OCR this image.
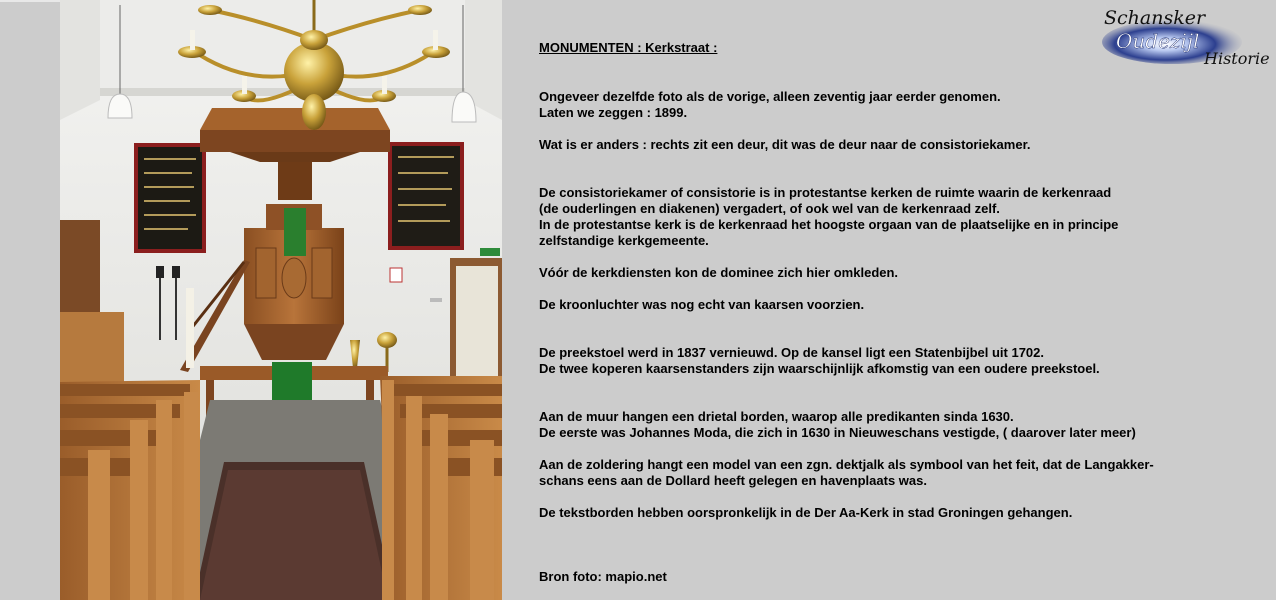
Schansker
Oudezijl
Historie
MONUMENTEN : Kerkstraat :

Ongeveer dezelfde foto als de vorige, alleen zeventig jaar eerder genomen.

Laten we zeggen : 1899.

Wat is er anders : rechts zit een deur, dit was de deur naar de consistoriekamer.

De consistoriekamer of consistorie is in protestantse kerken de ruimte waarin de kerkenraad

(de ouderlingen en diakenen) vergadert, of ook wel van de kerkenraad zelf.

In de protestantse kerk is de kerkenraad het hoogste orgaan van de plaatselijke en in principe

zelfstandige kerkgemeente.

Vóór de kerkdiensten kon de dominee zich hier omkleden.

De kroonluchter was nog echt van kaarsen voorzien.

De preekstoel werd in 1837 vernieuwd. Op de kansel ligt een Statenbijbel uit 1702.

De twee koperen kaarsenstanders zijn waarschijnlijk afkomstig van een oudere preekstoel.

Aan de muur hangen een drietal borden, waarop alle predikanten sinda 1630.

De eerste was Johannes Moda, die zich in 1630 in Nieuweschans vestigde, ( daarover later meer)

Aan de zoldering hangt een model van een zgn. dektjalk als symbool van het feit, dat de Langakker-

schans eens aan de Dollard heeft gelegen en havenplaats was.

De tekstborden hebben oorspronkelijk in de Der Aa-Kerk in stad Groningen gehangen.

Bron foto: mapio.net
